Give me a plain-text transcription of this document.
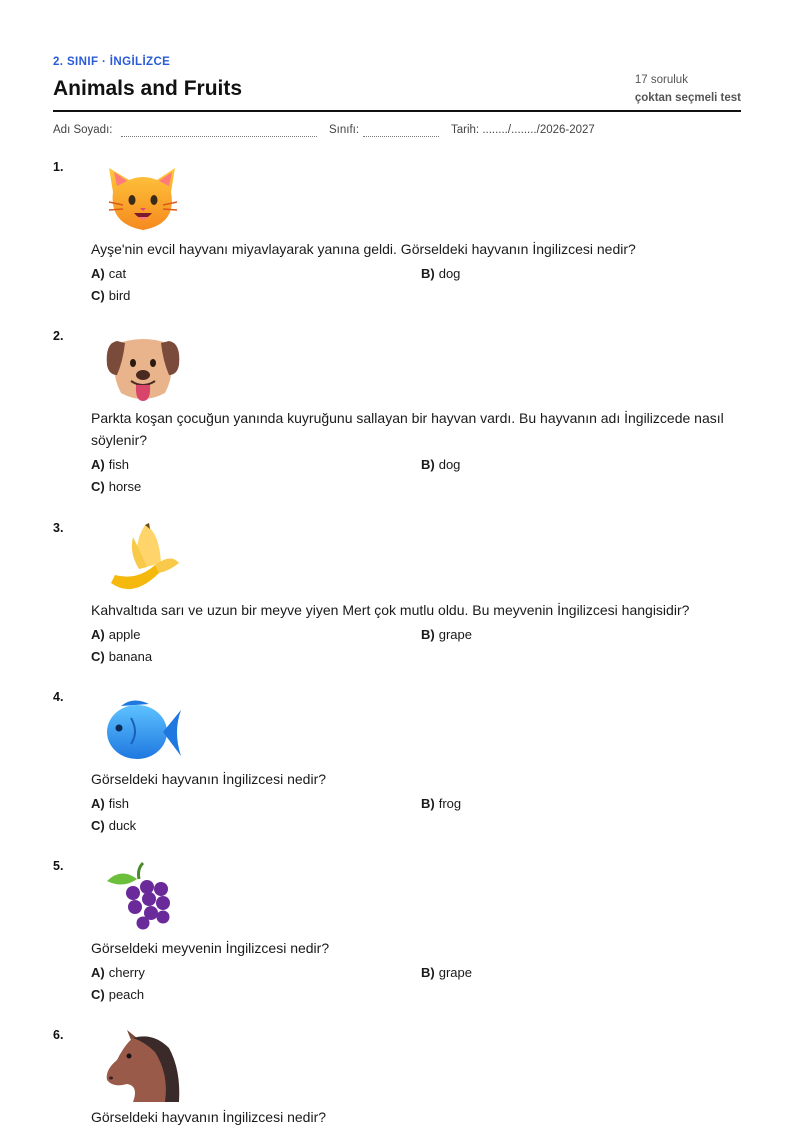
2. SINIF · İNGİLİZCE
Animals and Fruits	17 soruluk
çoktan seçmeli test
Adı Soyadı:	Sınıfı:	Tarih: ......../......../2026-2027
1.
Ayşe'nin evcil hayvanı miyavlayarak yanına geldi. Görseldeki hayvanın İngilizcesi nedir?
A) cat	B) dog
C) bird
2.
Parkta koşan çocuğun yanında kuyruğunu sallayan bir hayvan vardı. Bu hayvanın adı İngilizcede nasıl söylenir?
A) fish	B) dog
C) horse
3.
Kahvaltıda sarı ve uzun bir meyve yiyen Mert çok mutlu oldu. Bu meyvenin İngilizcesi hangisidir?
A) apple	B) grape
C) banana
4.
Görseldeki hayvanın İngilizcesi nedir?
A) fish	B) frog
C) duck
5.
Görseldeki meyvenin İngilizcesi nedir?
A) cherry	B) grape
C) peach
6.
Görseldeki hayvanın İngilizcesi nedir?
